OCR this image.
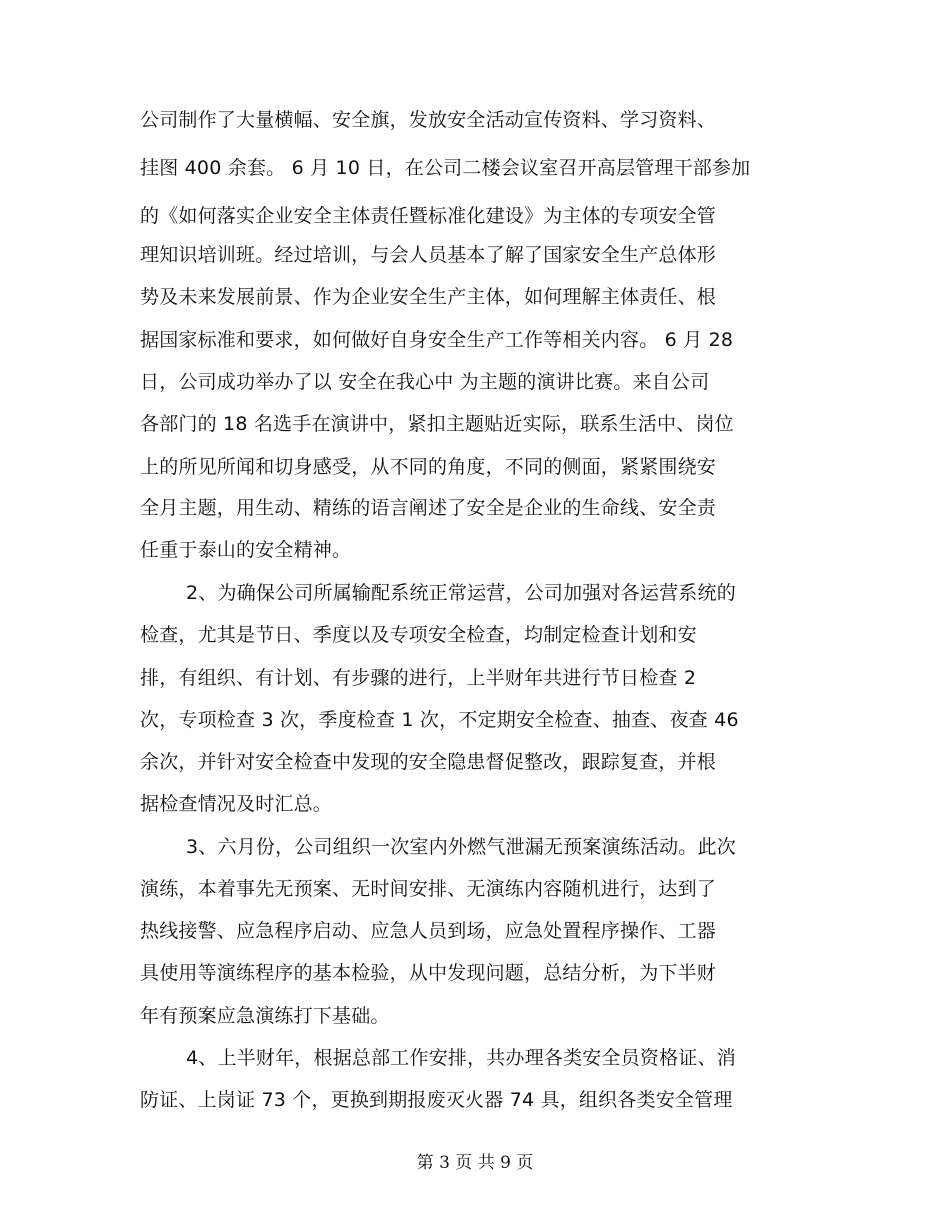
公司制作了大量横幅、安全旗，发放安全活动宣传资料、学习资料、
挂图 400 余套。 6 月 10 日，在公司二楼会议室召开高层管理干部参加
的《如何落实企业安全主体责任暨标准化建设》为主体的专项安全管
理知识培训班。经过培训，与会人员基本了解了国家安全生产总体形
势及未来发展前景、作为企业安全生产主体，如何理解主体责任、根
据国家标准和要求，如何做好自身安全生产工作等相关内容。 6 月 28
日，公司成功举办了以 安全在我心中 为主题的演讲比赛。来自公司
各部门的 18 名选手在演讲中，紧扣主题贴近实际，联系生活中、岗位
上的所见所闻和切身感受，从不同的角度，不同的侧面，紧紧围绕安
全月主题，用生动、精练的语言阐述了安全是企业的生命线、安全责
任重于泰山的安全精神。
2、为确保公司所属输配系统正常运营，公司加强对各运营系统的
检查，尤其是节日、季度以及专项安全检查，均制定检查计划和安
排，有组织、有计划、有步骤的进行，上半财年共进行节日检查 2
次，专项检查 3 次，季度检查 1 次，不定期安全检查、抽查、夜查 46
余次，并针对安全检查中发现的安全隐患督促整改，跟踪复查，并根
据检查情况及时汇总。
3、六月份，公司组织一次室内外燃气泄漏无预案演练活动。此次
演练，本着事先无预案、无时间安排、无演练内容随机进行，达到了
热线接警、应急程序启动、应急人员到场，应急处置程序操作、工器
具使用等演练程序的基本检验，从中发现问题，总结分析，为下半财
年有预案应急演练打下基础。
4、上半财年，根据总部工作安排，共办理各类安全员资格证、消
防证、上岗证 73 个，更换到期报废灭火器 74 具，组织各类安全管理
第 3 页 共 9 页
